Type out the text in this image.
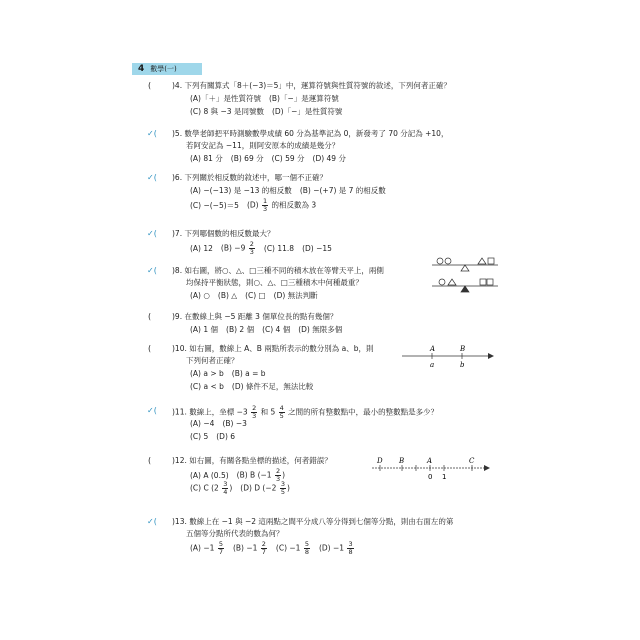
4 數學(一)
(	)4. 下列有關算式「8＋(−3)＝5」中，運算符號與性質符號的敘述，下列何者正確？
(A)「＋」是性質符號 (B)「−」是運算符號
(C) 8 與 −3 是同號數 (D)「−」是性質符號
✓( )5. 數學老師把平時測驗數學成績 60 分為基準記為 0，新發考了 70 分記為 +10，
若阿安記為 −11，則阿安原本的成績是幾分？
(A) 81 分 (B) 69 分 (C) 59 分 (D) 49 分
✓( )6. 下列關於相反數的敘述中，哪一個不正確？
(A) −(−13) 是 −13 的相反數 (B) −(+7) 是 7 的相反數
(C) −(−5)＝5 $(D) \frac{1}{3}$ 的相反數為 3
✓( )7. 下列哪個數的相反數最大？
(A) 12 $(B) -9 \frac{2}{3} (C)$ 11.8 (D) −15
✓( )8. 如右圖，將○、△、□三種不同的積木放在等臂天平上，兩側
均保持平衡狀態，則○、△、□三種積木中何種最重？
(A) ○ (B) △ (C) □ (D) 無法判斷
(	)9. 在數線上與 −5 距離 3 個單位長的點有幾個？
(A) 1 個 (B) 2 個 (C) 4 個 (D) 無限多個
(	)10. 如右圖，數線上 A、B 兩點所表示的數分別為 a、b，則
下列何者正確？
(A) a > b (B) a = b
(C) a < b (D) 條件不足，無法比較
✓( )11. 數線上，坐標 $-3 \frac{2}{3}$ 和 $5 \frac{4}{5}$ 之間的所有整數點中，最小的整數點是多少？
(A) −4 (B) −3
(C) 5 (D) 6
(	)12. 如右圖，有關各點坐標的描述，何者錯誤？
(A) A (0.5) (B) B ($-1 \frac{2}{3}$ )
(C) C ($2 \frac{3}{4}$ ) (D) D ($-2 \frac{3}{5}$ )
✓( )13. 數線上在 −1 與 −2 這兩點之間平分成八等分得到七個等分點，則由右面左的第
五個等分點所代表的數為何？
$(A) -1 \frac{5}{7} (B) -1 \frac{2}{7} (C) -1 \frac{5}{8} (D) -1 \frac{3}{8}$
A	B
a	b
D B	A	C
0 1
